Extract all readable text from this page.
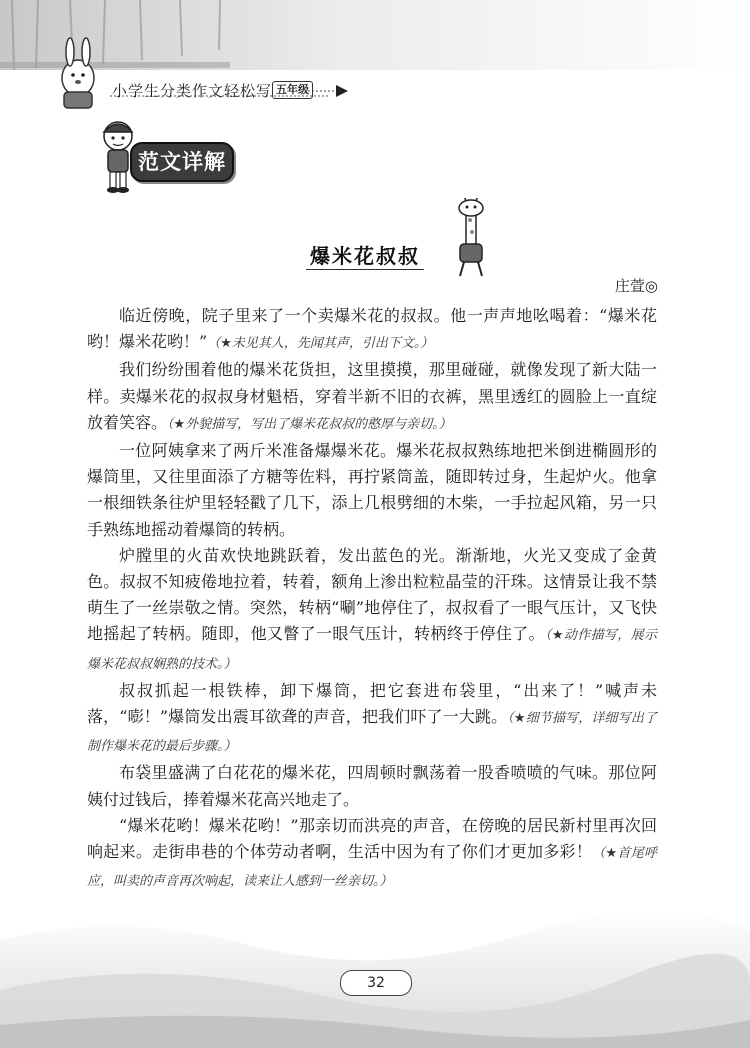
小学生分类作文轻松写 五年级
范文详解
爆米花叔叔
庄萱◎

临近傍晚，院子里来了一个卖爆米花的叔叔。他一声声地吆喝着：“爆米花哟！爆米花哟！”（★未见其人，先闻其声，引出下文。）

我们纷纷围着他的爆米花货担，这里摸摸，那里碰碰，就像发现了新大陆一样。卖爆米花的叔叔身材魁梧，穿着半新不旧的衣裤，黑里透红的圆脸上一直绽放着笑容。（★外貌描写，写出了爆米花叔叔的憨厚与亲切。）

一位阿姨拿来了两斤米准备爆爆米花。爆米花叔叔熟练地把米倒进椭圆形的爆筒里，又往里面添了方糖等佐料，再拧紧筒盖，随即转过身，生起炉火。他拿一根细铁条往炉里轻轻戳了几下，添上几根劈细的木柴，一手拉起风箱，另一只手熟练地摇动着爆筒的转柄。

炉膛里的火苗欢快地跳跃着，发出蓝色的光。渐渐地，火光又变成了金黄色。叔叔不知疲倦地拉着，转着，额角上渗出粒粒晶莹的汗珠。这情景让我不禁萌生了一丝崇敬之情。突然，转柄“唰”地停住了，叔叔看了一眼气压计，又飞快地摇起了转柄。随即，他又瞥了一眼气压计，转柄终于停住了。（★动作描写，展示爆米花叔叔娴熟的技术。）

叔叔抓起一根铁棒，卸下爆筒，把它套进布袋里，“出来了！”喊声未落，“嘭！”爆筒发出震耳欲聋的声音，把我们吓了一大跳。（★细节描写，详细写出了制作爆米花的最后步骤。）

布袋里盛满了白花花的爆米花，四周顿时飘荡着一股香喷喷的气味。那位阿姨付过钱后，捧着爆米花高兴地走了。

“爆米花哟！爆米花哟！”那亲切而洪亮的声音，在傍晚的居民新村里再次回响起来。走街串巷的个体劳动者啊，生活中因为有了你们才更加多彩！（★首尾呼应，叫卖的声音再次响起，读来让人感到一丝亲切。）

32
